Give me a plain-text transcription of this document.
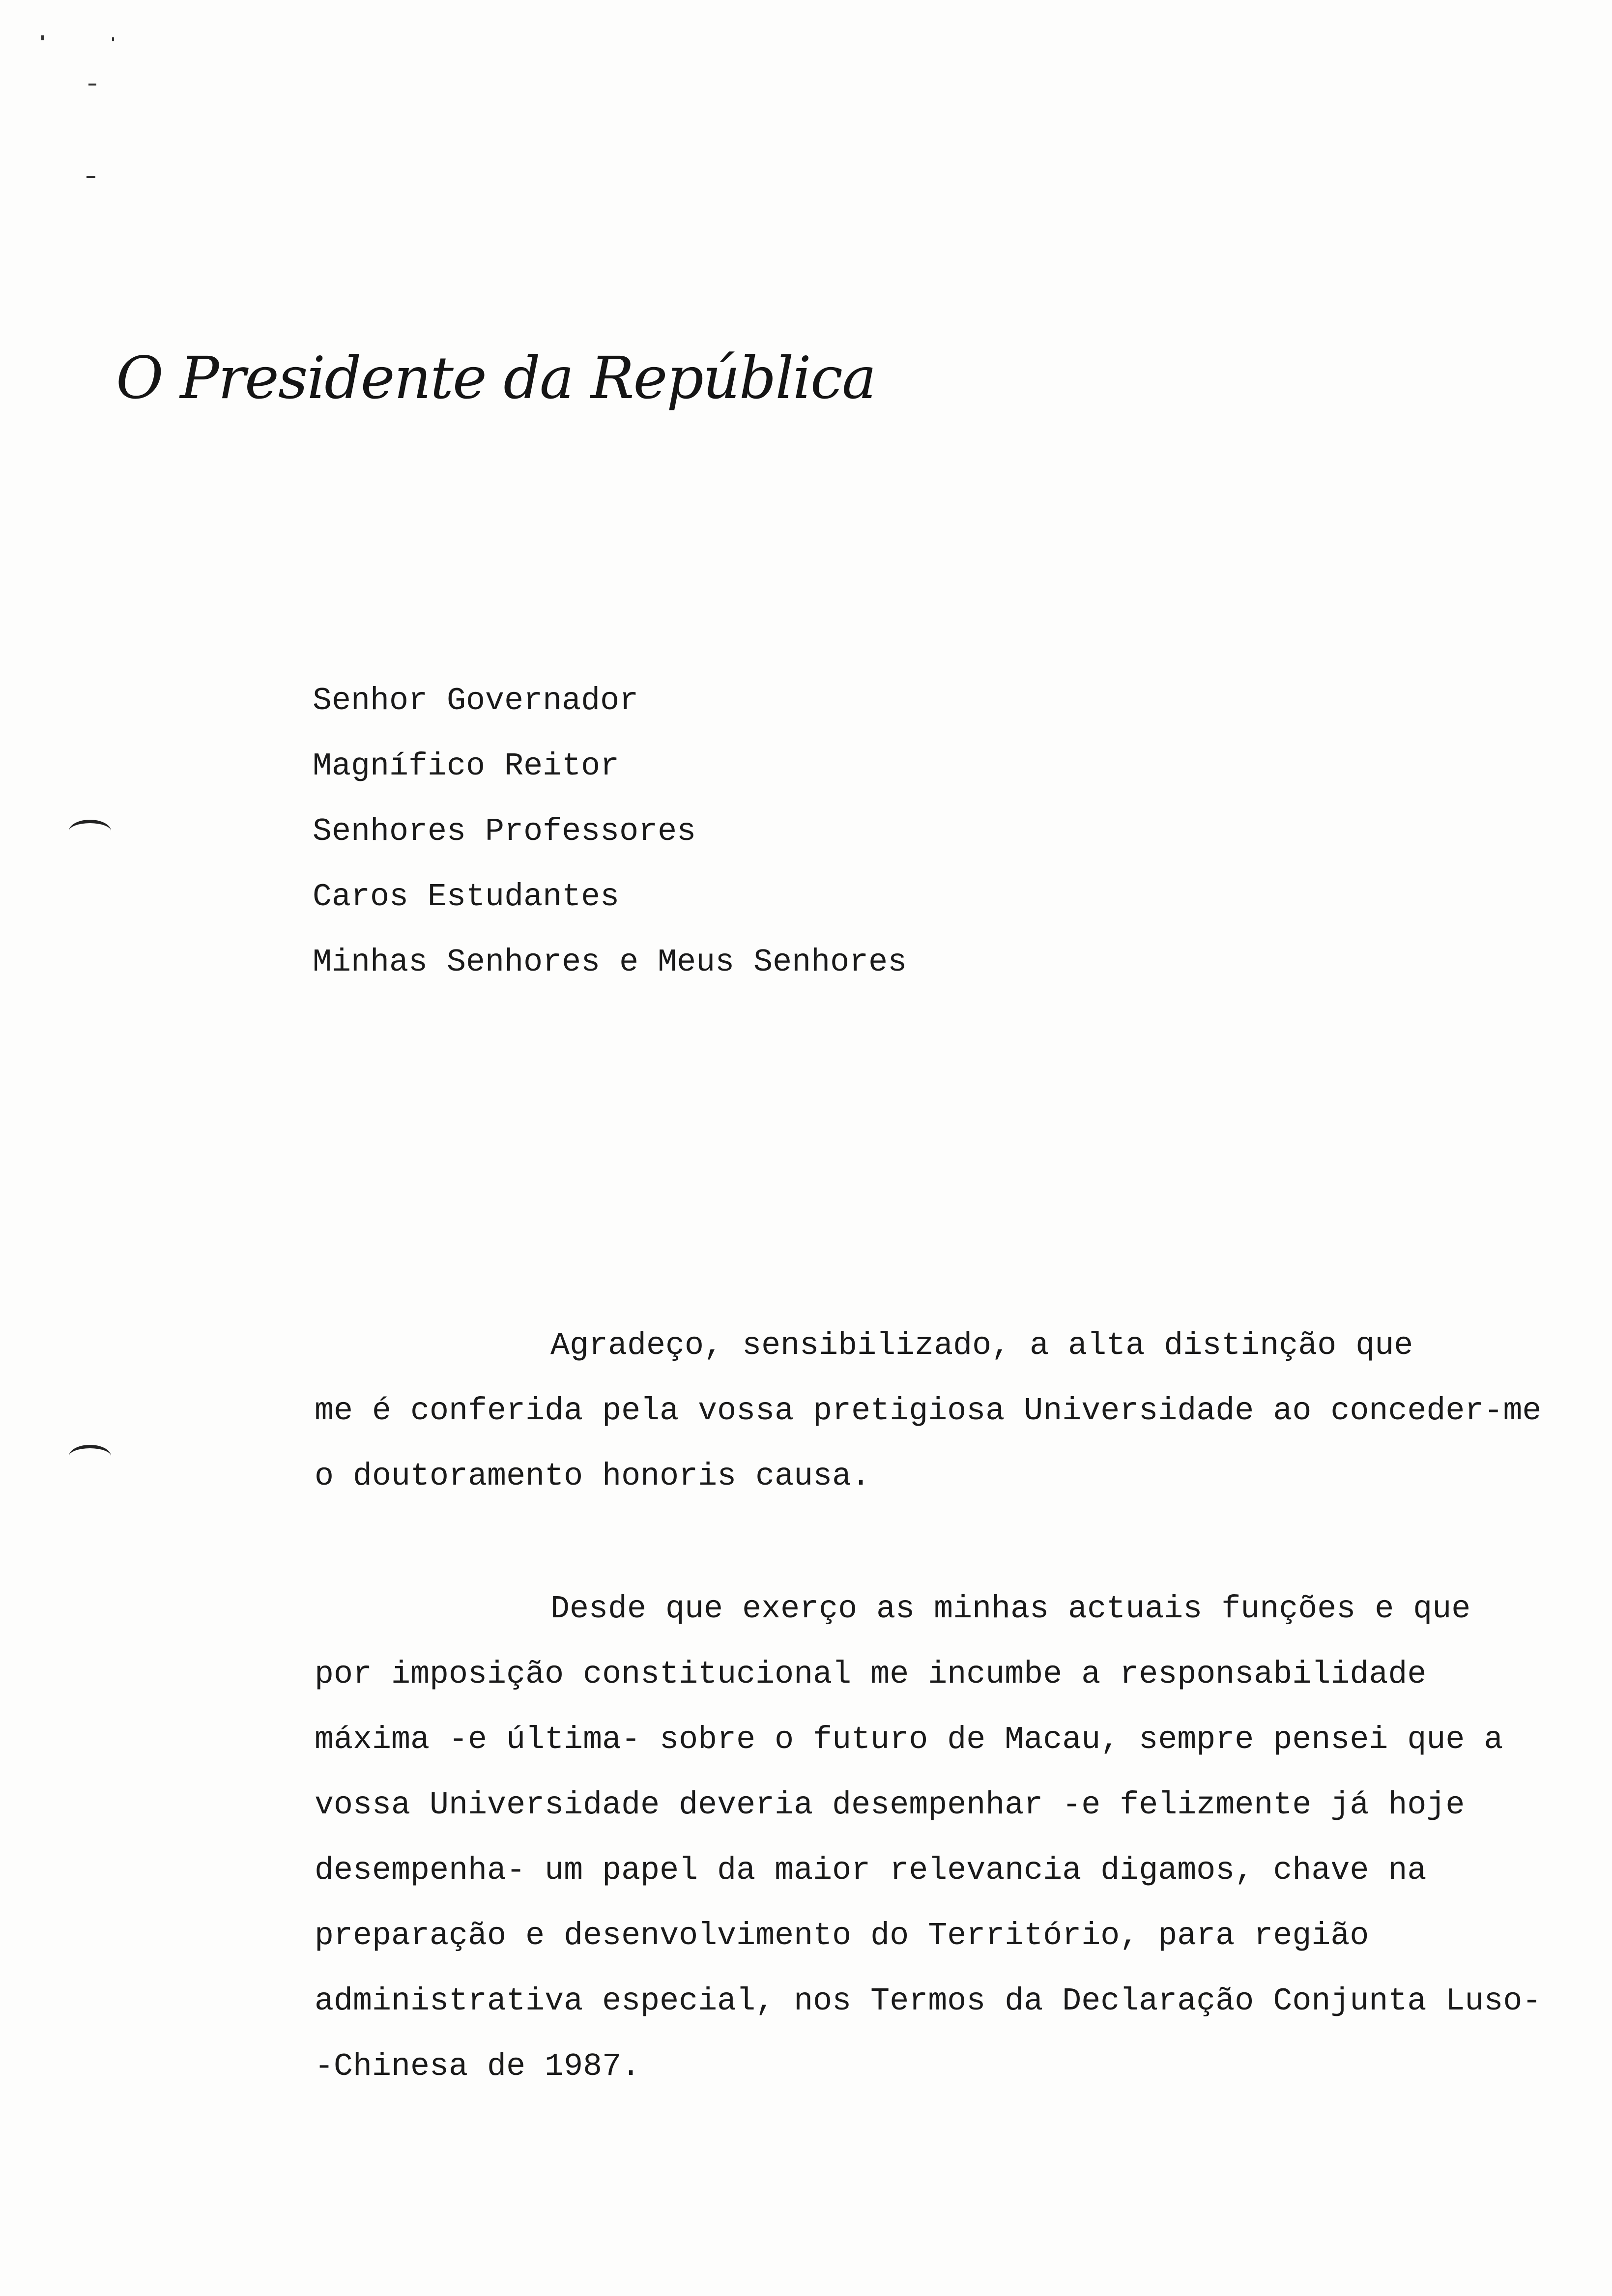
O Presidente da República
Senhor Governador
Magnífico Reitor
Senhores Professores
Caros Estudantes
Minhas Senhores e Meus Senhores
Agradeço, sensibilizado, a alta distinção que
me é conferida pela vossa pretigiosa Universidade ao conceder-me
o doutoramento honoris causa.
Desde que exerço as minhas actuais funções e que
por imposição constitucional me incumbe a responsabilidade
máxima -e última- sobre o futuro de Macau, sempre pensei que a
vossa Universidade deveria desempenhar -e felizmente já hoje
desempenha- um papel da maior relevancia digamos, chave na
preparação e desenvolvimento do Território, para região
administrativa especial, nos Termos da Declaração Conjunta Luso-
-Chinesa de 1987.
